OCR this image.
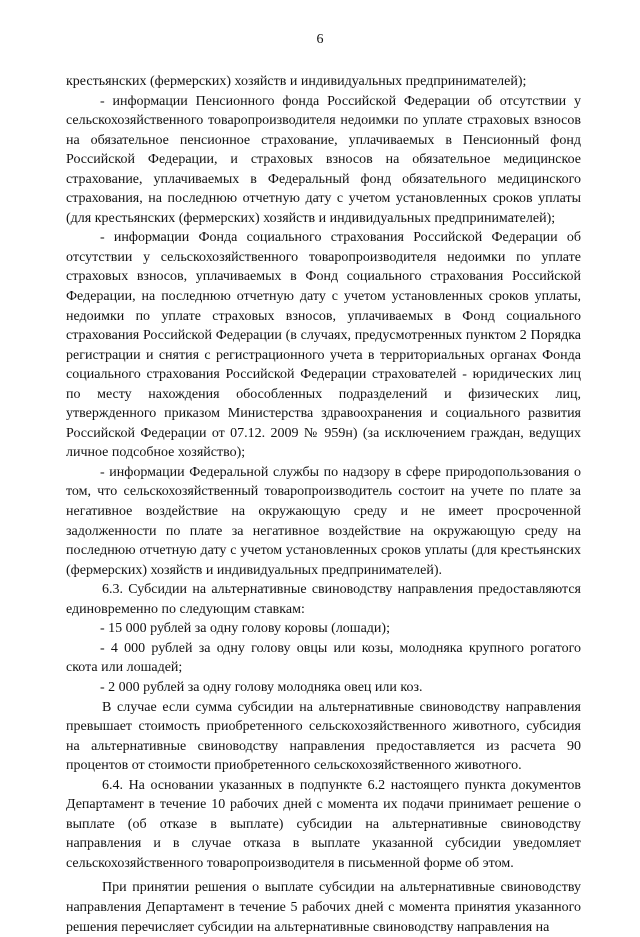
6

крестьянских (фермерских) хозяйств и индивидуальных предпринимателей);

- информации Пенсионного фонда Российской Федерации об отсутствии у сельскохозяйственного товаропроизводителя недоимки по уплате страховых взносов на обязательное пенсионное страхование, уплачиваемых в Пенсионный фонд Российской Федерации, и страховых взносов на обязательное медицинское страхование, уплачиваемых в Федеральный фонд обязательного медицинского страхования, на последнюю отчетную дату с учетом установленных сроков уплаты (для крестьянских (фермерских) хозяйств и индивидуальных предпринимателей);

- информации Фонда социального страхования Российской Федерации об отсутствии у сельскохозяйственного товаропроизводителя недоимки по уплате страховых взносов, уплачиваемых в Фонд социального страхования Российской Федерации, на последнюю отчетную дату с учетом установленных сроков уплаты, недоимки по уплате страховых взносов, уплачиваемых в Фонд социального страхования Российской Федерации (в случаях, предусмотренных пунктом 2 Порядка регистрации и снятия с регистрационного учета в территориальных органах Фонда социального страхования Российской Федерации страхователей - юридических лиц по месту нахождения обособленных подразделений и физических лиц, утвержденного приказом Министерства здравоохранения и социального развития Российской Федерации от 07.12. 2009 № 959н) (за исключением граждан, ведущих личное подсобное хозяйство);

- информации Федеральной службы по надзору в сфере природопользования о том, что сельскохозяйственный товаропроизводитель состоит на учете по плате за негативное воздействие на окружающую среду и не имеет просроченной задолженности по плате за негативное воздействие на окружающую среду на последнюю отчетную дату с учетом установленных сроков уплаты (для крестьянских (фермерских) хозяйств и индивидуальных предпринимателей).

6.3. Субсидии на альтернативные свиноводству направления предоставляются единовременно по следующим ставкам:

- 15 000 рублей за одну голову коровы (лошади);

- 4 000 рублей за одну голову овцы или козы, молодняка крупного рогатого скота или лошадей;

- 2 000 рублей за одну голову молодняка овец или коз.

В случае если сумма субсидии на альтернативные свиноводству направления превышает стоимость приобретенного сельскохозяйственного животного, субсидия на альтернативные свиноводству направления предоставляется из расчета 90 процентов от стоимости приобретенного сельскохозяйственного животного.

6.4. На основании указанных в подпункте 6.2 настоящего пункта документов Департамент в течение 10 рабочих дней с момента их подачи принимает решение о выплате (об отказе в выплате) субсидии на альтернативные свиноводству направления и в случае отказа в выплате указанной субсидии уведомляет сельскохозяйственного товаропроизводителя в письменной форме об этом.

При принятии решения о выплате субсидии на альтернативные свиноводству направления Департамент в течение 5 рабочих дней с момента принятия указанного решения перечисляет субсидии на альтернативные свиноводству направления на
